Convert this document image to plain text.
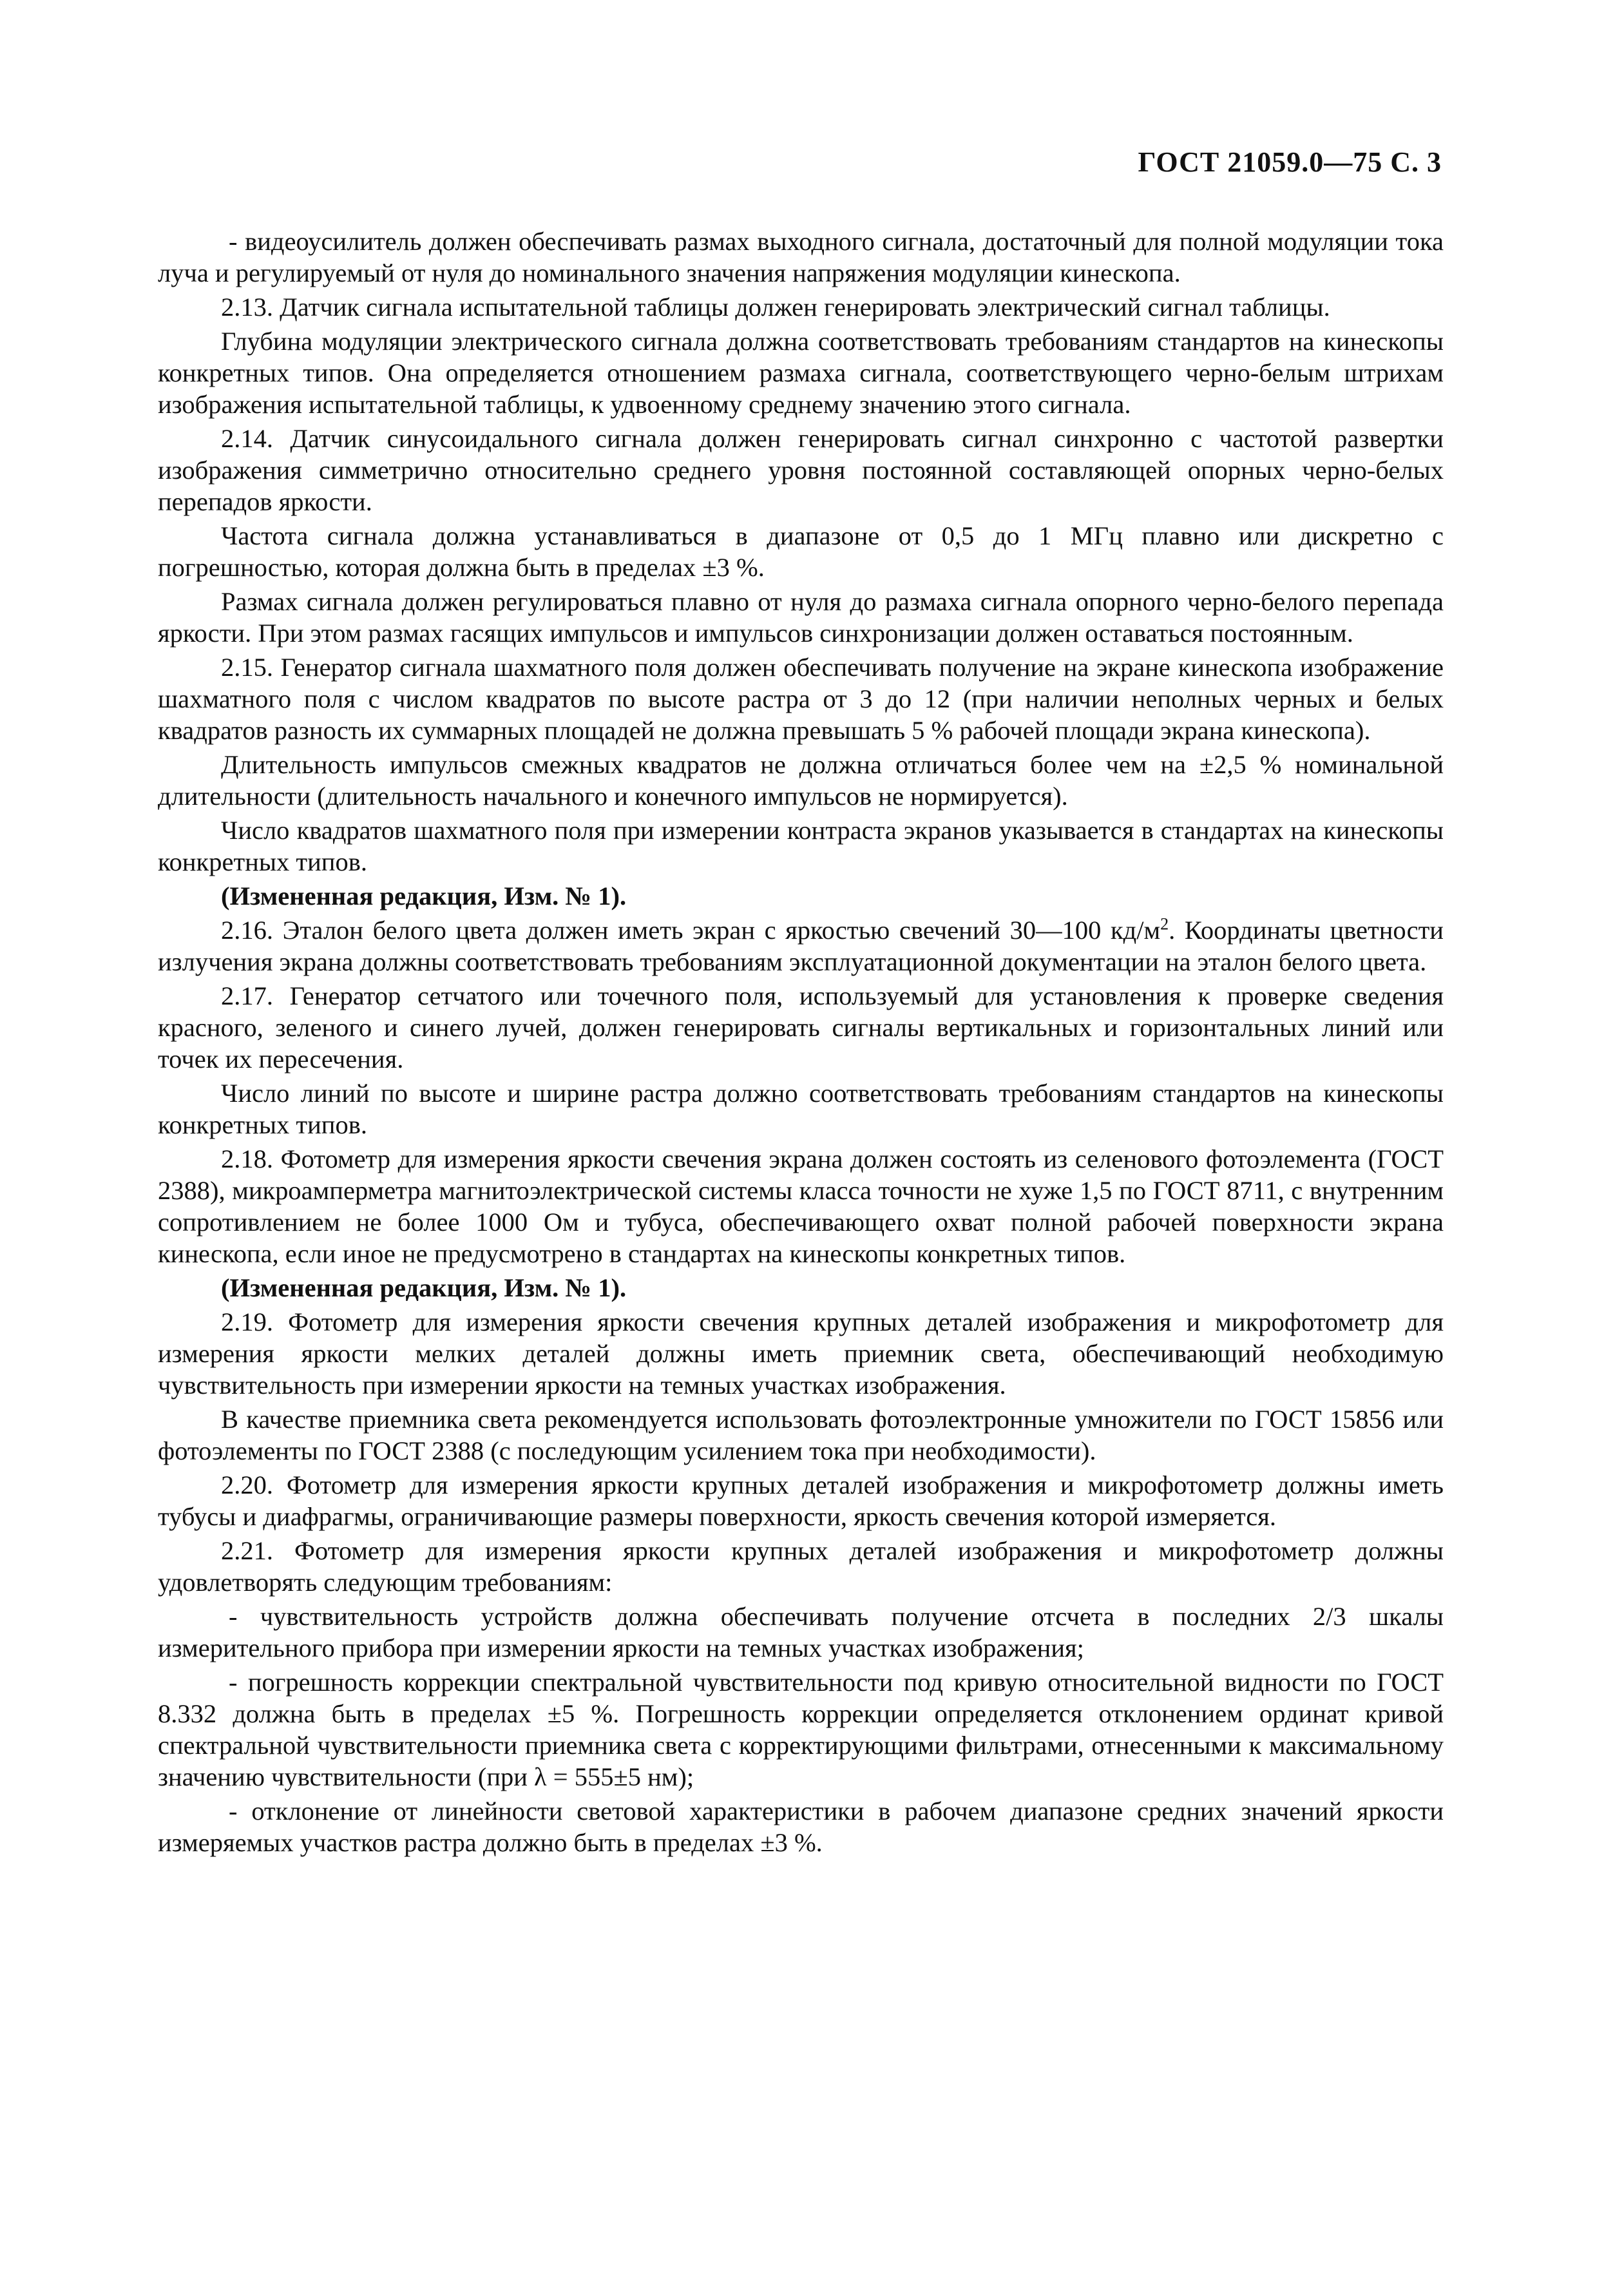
ГОСТ 21059.0—75 С. 3

- видеоусилитель должен обеспечивать размах выходного сигнала, достаточный для полной модуляции тока луча и регулируемый от нуля до номинального значения напряжения модуляции кинескопа.

2.13. Датчик сигнала испытательной таблицы должен генерировать электрический сигнал таблицы.

Глубина модуляции электрического сигнала должна соответствовать требованиям стандартов на кинескопы конкретных типов. Она определяется отношением размаха сигнала, соответствующего черно-белым штрихам изображения испытательной таблицы, к удвоенному среднему значению этого сигнала.

2.14. Датчик синусоидального сигнала должен генерировать сигнал синхронно с частотой развертки изображения симметрично относительно среднего уровня постоянной составляющей опорных черно-белых перепадов яркости.

Частота сигнала должна устанавливаться в диапазоне от 0,5 до 1 МГц плавно или дискретно с погрешностью, которая должна быть в пределах ±3 %.

Размах сигнала должен регулироваться плавно от нуля до размаха сигнала опорного черно-белого перепада яркости. При этом размах гасящих импульсов и импульсов синхронизации должен оставаться постоянным.

2.15. Генератор сигнала шахматного поля должен обеспечивать получение на экране кинескопа изображение шахматного поля с числом квадратов по высоте растра от 3 до 12 (при наличии неполных черных и белых квадратов разность их суммарных площадей не должна превышать 5 % рабочей площади экрана кинескопа).

Длительность импульсов смежных квадратов не должна отличаться более чем на ±2,5 % номинальной длительности (длительность начального и конечного импульсов не нормируется).

Число квадратов шахматного поля при измерении контраста экранов указывается в стандартах на кинескопы конкретных типов.

(Измененная редакция, Изм. № 1).

2.16. Эталон белого цвета должен иметь экран с яркостью свечений 30—100 $кд/м^2$. Координаты цветности излучения экрана должны соответствовать требованиям эксплуатационной документации на эталон белого цвета.

2.17. Генератор сетчатого или точечного поля, используемый для установления к проверке сведения красного, зеленого и синего лучей, должен генерировать сигналы вертикальных и горизонтальных линий или точек их пересечения.

Число линий по высоте и ширине растра должно соответствовать требованиям стандартов на кинескопы конкретных типов.

2.18. Фотометр для измерения яркости свечения экрана должен состоять из селенового фотоэлемента (ГОСТ 2388), микроамперметра магнитоэлектрической системы класса точности не хуже 1,5 по ГОСТ 8711, с внутренним сопротивлением не более 1000 Ом и тубуса, обеспечивающего охват полной рабочей поверхности экрана кинескопа, если иное не предусмотрено в стандартах на кинескопы конкретных типов.

(Измененная редакция, Изм. № 1).

2.19. Фотометр для измерения яркости свечения крупных деталей изображения и микрофотометр для измерения яркости мелких деталей должны иметь приемник света, обеспечивающий необходимую чувствительность при измерении яркости на темных участках изображения.

В качестве приемника света рекомендуется использовать фотоэлектронные умножители по ГОСТ 15856 или фотоэлементы по ГОСТ 2388 (с последующим усилением тока при необходимости).

2.20. Фотометр для измерения яркости крупных деталей изображения и микрофотометр должны иметь тубусы и диафрагмы, ограничивающие размеры поверхности, яркость свечения которой измеряется.

2.21. Фотометр для измерения яркости крупных деталей изображения и микрофотометр должны удовлетворять следующим требованиям:

- чувствительность устройств должна обеспечивать получение отсчета в последних 2/3 шкалы измерительного прибора при измерении яркости на темных участках изображения;

- погрешность коррекции спектральной чувствительности под кривую относительной видности по ГОСТ 8.332 должна быть в пределах ±5 %. Погрешность коррекции определяется отклонением ординат кривой спектральной чувствительности приемника света с корректирующими фильтрами, отнесенными к максимальному значению чувствительности (при λ = 555±5 нм);

- отклонение от линейности световой характеристики в рабочем диапазоне средних значений яркости измеряемых участков растра должно быть в пределах ±3 %.
